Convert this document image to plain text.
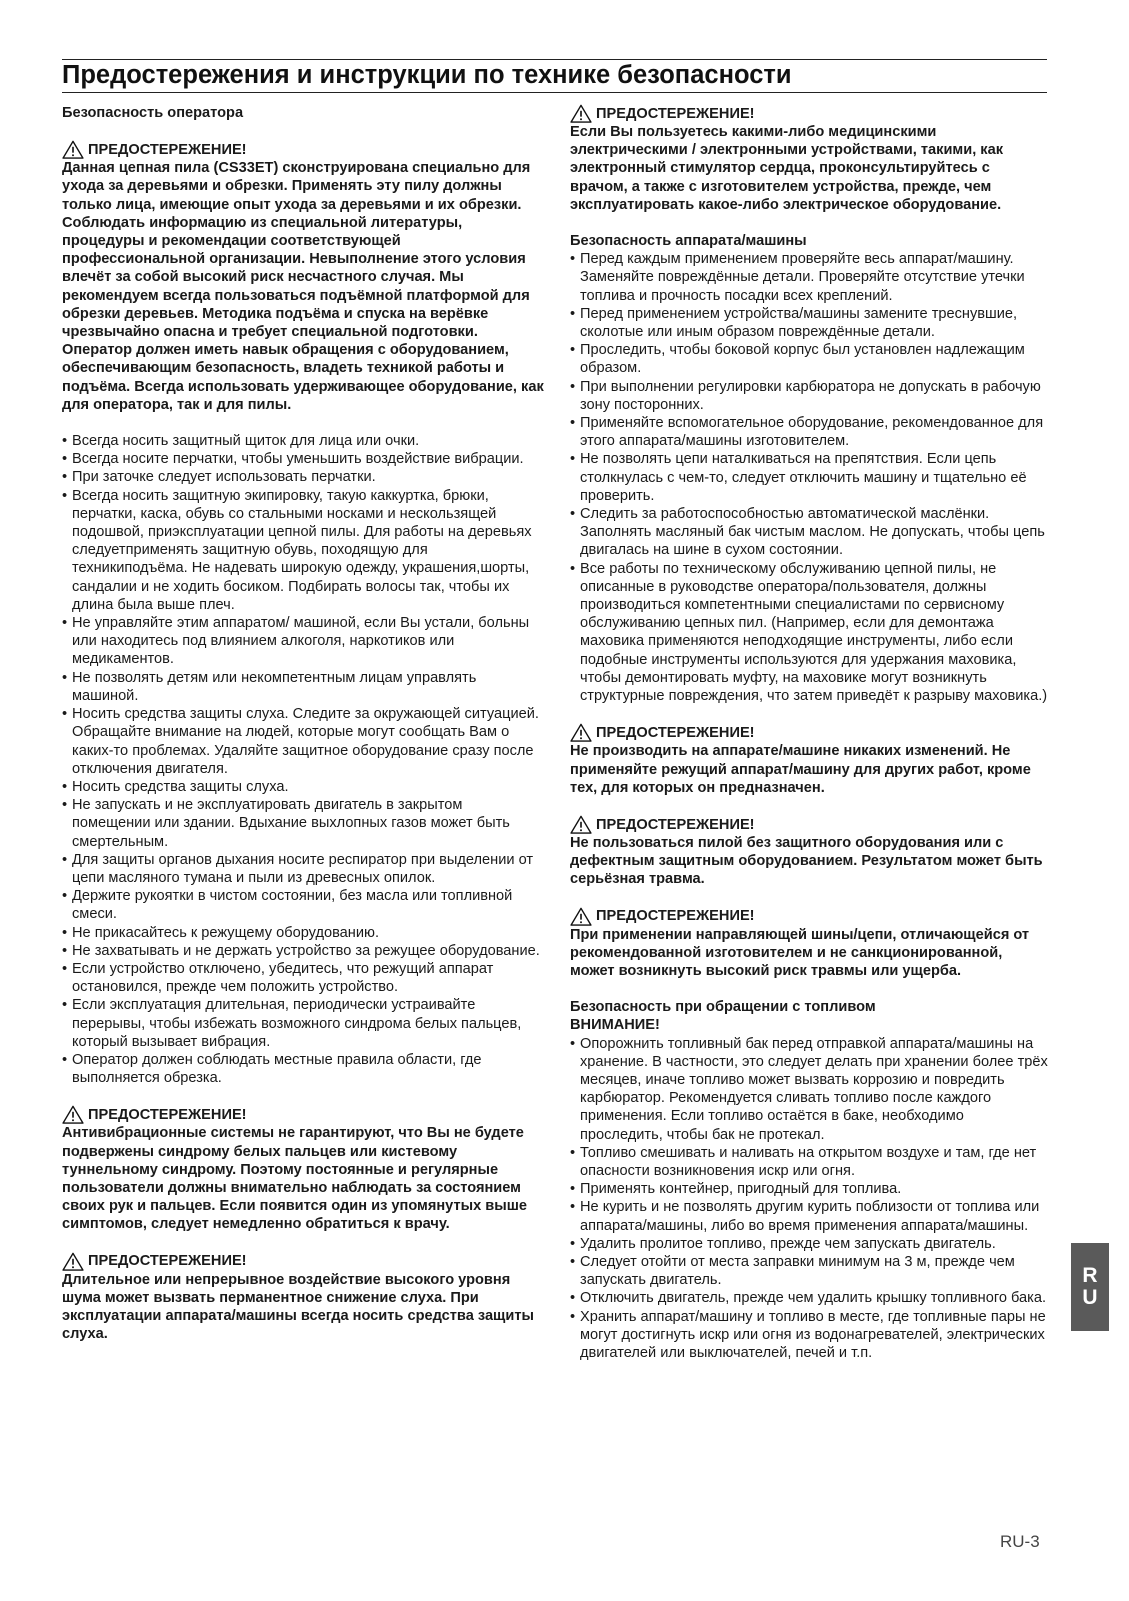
Предостережения и инструкции по технике безопасности

Безопасность оператора

ПРЕДОСТЕРЕЖЕНИЕ!

Данная цепная пила (CS33ET) сконструирована специально для ухода за деревьями и обрезки. Применять эту пилу должны только лица, имеющие опыт ухода за деревьями и их обрезки. Соблюдать информацию из специальной литературы, процедуры и рекомендации соответствующей профессиональной организации. Невыполнение этого условия влечёт за собой высокий риск несчастного случая. Мы рекомендуем всегда пользоваться подъёмной платформой для обрезки деревьев. Методика подъёма и спуска на верёвке чрезвычайно опасна и требует специальной подготовки. Оператор должен иметь навык обращения с оборудованием, обеспечивающим безопасность, владеть техникой работы и подъёма. Всегда использовать удерживающее оборудование, как для оператора, так и для пилы.

• Всегда носить защитный щиток для лица или очки.
• Всегда носите перчатки, чтобы уменьшить воздействие вибрации.
• При заточке следует использовать перчатки.
• Всегда носить защитную экипировку, такую каккуртка, брюки, перчатки, каска, обувь со стальными носками и нескользящей подошвой, приэксплуатации цепной пилы. Для работы на деревьях следуетприменять защитную обувь, походящую для техникиподъёма. Не надевать широкую одежду, украшения,шорты, сандалии и не ходить босиком. Подбирать волосы так, чтобы их длина была выше плеч.
• Не управляйте этим аппаратом/ машиной, если Вы устали, больны или находитесь под влиянием алкоголя, наркотиков или медикаментов.
• Не позволять детям или некомпетентным лицам управлять машиной.
• Носить средства защиты слуха. Следите за окружающей ситуацией. Обращайте внимание на людей, которые могут сообщать Вам о каких-то проблемах. Удаляйте защитное оборудование сразу после отключения двигателя.
• Носить средства защиты слуха.
• Не запускать и не эксплуатировать двигатель в закрытом помещении или здании. Вдыхание выхлопных газов может быть смертельным.
• Для защиты органов дыхания носите респиратор при выделении от цепи масляного тумана и пыли из древесных опилок.
• Держите рукоятки в чистом состоянии, без масла или топливной смеси.
• Не прикасайтесь к режущему оборудованию.
• Не захватывать и не держать устройство за режущее оборудование.
• Если устройство отключено, убедитесь, что режущий аппарат остановился, прежде чем положить устройство.
• Если эксплуатация длительная, периодически устраивайте перерывы, чтобы избежать возможного синдрома белых пальцев, который вызывает вибрация.
• Оператор должен соблюдать местные правила области, где выполняется обрезка.

ПРЕДОСТЕРЕЖЕНИЕ!

Антивибрационные системы не гарантируют, что Вы не будете подвержены синдрому белых пальцев или кистевому туннельному синдрому. Поэтому постоянные и регулярные пользователи должны внимательно наблюдать за состоянием своих рук и пальцев. Если появится один из упомянутых выше симптомов, следует немедленно обратиться к врачу.

ПРЕДОСТЕРЕЖЕНИЕ!

Длительное или непрерывное воздействие высокого уровня шума может вызвать перманентное снижение слуха. При эксплуатации аппарата/машины всегда носить средства защиты слуха.

ПРЕДОСТЕРЕЖЕНИЕ!

Если Вы пользуетесь какими-либо медицинскими электрическими / электронными устройствами, такими, как электронный стимулятор сердца, проконсультируйтесь с врачом, а также с изготовителем устройства, прежде, чем эксплуатировать какое-либо электрическое оборудование.

Безопасность аппарата/машины

• Перед каждым применением проверяйте весь аппарат/машину. Заменяйте повреждённые детали. Проверяйте отсутствие утечки топлива и прочность посадки всех креплений.
• Перед применением устройства/машины замените треснувшие, сколотые или иным образом повреждённые детали.
• Проследить, чтобы боковой корпус был установлен надлежащим образом.
• При выполнении регулировки карбюратора не допускать в рабочую зону посторонних.
• Применяйте вспомогательное оборудование, рекомендованное для этого аппарата/машины изготовителем.
• Не позволять цепи наталкиваться на препятствия. Если цепь столкнулась с чем-то, следует отключить машину и тщательно её проверить.
• Следить за работоспособностью автоматической маслёнки. Заполнять масляный бак чистым маслом. Не допускать, чтобы цепь двигалась на шине в сухом состоянии.
• Все работы по техническому обслуживанию цепной пилы, не описанные в руководстве оператора/пользователя, должны производиться компетентными специалистами по сервисному обслуживанию цепных пил. (Например, если для демонтажа маховика применяются неподходящие инструменты, либо если подобные инструменты используются для удержания маховика, чтобы демонтировать муфту, на маховике могут возникнуть структурные повреждения, что затем приведёт к разрыву маховика.)

ПРЕДОСТЕРЕЖЕНИЕ!

Не производить на аппарате/машине никаких изменений. Не применяйте режущий аппарат/машину для других работ, кроме тех, для которых он предназначен.

ПРЕДОСТЕРЕЖЕНИЕ!

Не пользоваться пилой без защитного оборудования или с дефектным защитным оборудованием. Результатом может быть серьёзная травма.

ПРЕДОСТЕРЕЖЕНИЕ!

При применении направляющей шины/цепи, отличающейся от рекомендованной изготовителем и не санкционированной, может возникнуть высокий риск травмы или ущерба.

Безопасность при обращении с топливом

ВНИМАНИЕ!

• Опорожнить топливный бак перед отправкой аппарата/машины на хранение. В частности, это следует делать при хранении более трёх месяцев, иначе топливо может вызвать коррозию и повредить карбюратор. Рекомендуется сливать топливо после каждого применения. Если топливо остаётся в баке, необходимо проследить, чтобы бак не протекал.
• Топливо смешивать и наливать на открытом воздухе и там, где нет опасности возникновения искр или огня.
• Применять контейнер, пригодный для топлива.
• Не курить и не позволять другим курить поблизости от топлива или аппарата/машины, либо во время применения аппарата/машины.
• Удалить пролитое топливо, прежде чем запускать двигатель.
• Следует отойти от места заправки минимум на 3 м, прежде чем запускать двигатель.
• Отключить двигатель, прежде чем удалить крышку топливного бака.
• Хранить аппарат/машину и топливо в месте, где топливные пары не могут достигнуть искр или огня из водонагревателей, электрических двигателей или выключателей, печей и т.п.
R
U
RU-3
